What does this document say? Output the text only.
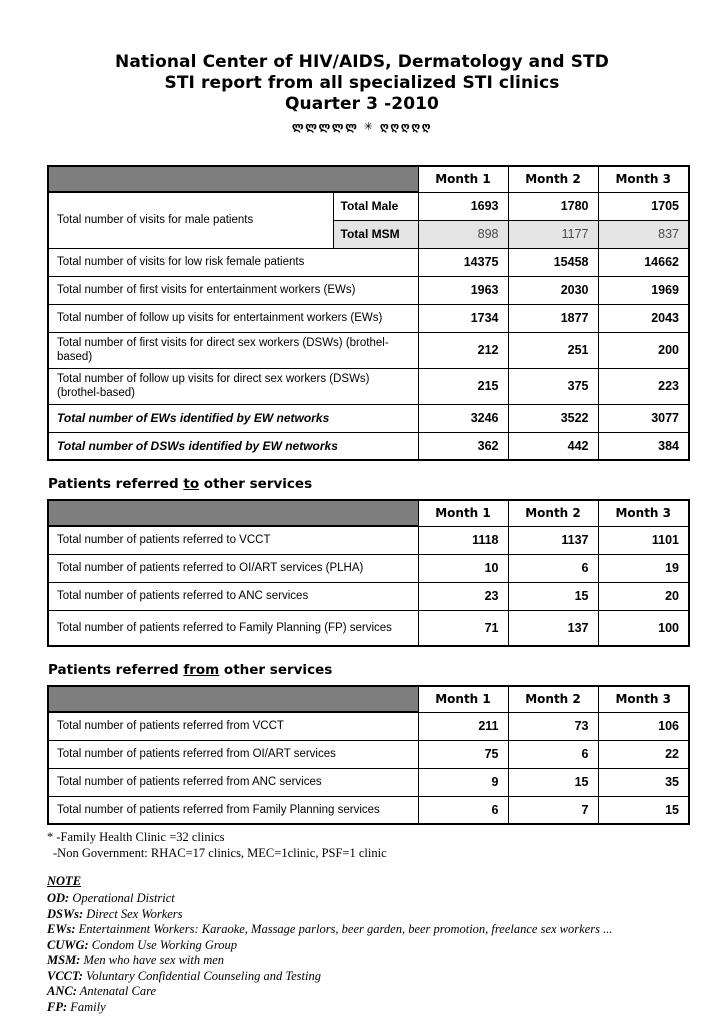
National Center of HIV/AIDS, Dermatology and STD
STI report from all specialized STI clinics
Quarter 3 -2010
ლლლლლ ✳ ღღღღღ
		Month 1	Month 2	Month 3
Total number of visits for male patients	Total Male	1693	1780	1705
	Total MSM	898	1177	837
Total number of visits for low risk female patients		14375	15458	14662
Total number of first visits for entertainment workers (EWs)		1963	2030	1969
Total number of follow up visits for entertainment workers (EWs)		1734	1877	2043
Total number of first visits for direct sex workers (DSWs) (brothel-based)		212	251	200
Total number of follow up visits for direct sex workers (DSWs) (brothel-based)		215	375	223
Total number of EWs identified by EW networks		3246	3522	3077
Total number of DSWs identified by EW networks		362	442	384
Patients referred to other services
	Month 1	Month 2	Month 3
Total number of patients referred to VCCT	1118	1137	1101
Total number of patients referred to OI/ART services (PLHA)	10	6	19
Total number of patients referred to ANC services	23	15	20
Total number of patients referred to Family Planning (FP) services	71	137	100
Patients referred from other services
	Month 1	Month 2	Month 3
Total number of patients referred from VCCT	211	73	106
Total number of patients referred from OI/ART services	75	6	22
Total number of patients referred from ANC services	9	15	35
Total number of patients referred from Family Planning services	6	7	15
* -Family Health Clinic =32 clinics
-Non Government: RHAC=17 clinics, MEC=1clinic, PSF=1 clinic
NOTE
OD: Operational District
DSWs: Direct Sex Workers
EWs: Entertainment Workers: Karaoke, Massage parlors, beer garden, beer promotion, freelance sex workers ...
CUWG: Condom Use Working Group
MSM: Men who have sex with men
VCCT: Voluntary Confidential Counseling and Testing
ANC: Antenatal Care
FP: Family
